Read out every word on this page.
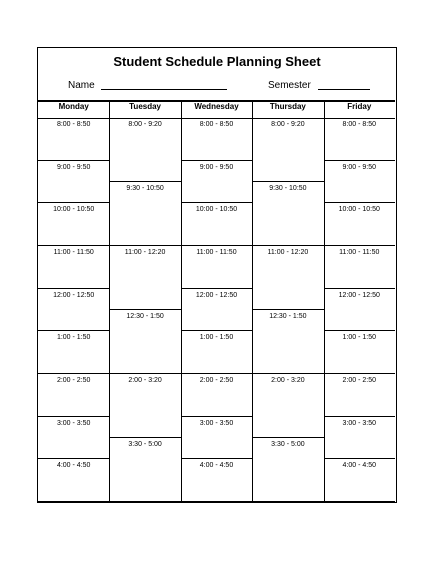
Student Schedule Planning Sheet
Name	Semester
Monday
8:00 - 8:50
9:00 - 9:50
10:00 - 10:50
11:00 - 11:50
12:00 - 12:50
1:00 - 1:50
2:00 - 2:50
3:00 - 3:50
4:00 - 4:50
Tuesday
8:00 - 9:20
9:30 - 10:50
11:00 - 12:20
12:30 - 1:50
2:00 - 3:20
3:30 - 5:00
Wednesday
8:00 - 8:50
9:00 - 9:50
10:00 - 10:50
11:00 - 11:50
12:00 - 12:50
1:00 - 1:50
2:00 - 2:50
3:00 - 3:50
4:00 - 4:50
Thursday
8:00 - 9:20
9:30 - 10:50
11:00 - 12:20
12:30 - 1:50
2:00 - 3:20
3:30 - 5:00
Friday
8:00 - 8:50
9:00 - 9:50
10:00 - 10:50
11:00 - 11:50
12:00 - 12:50
1:00 - 1:50
2:00 - 2:50
3:00 - 3:50
4:00 - 4:50
